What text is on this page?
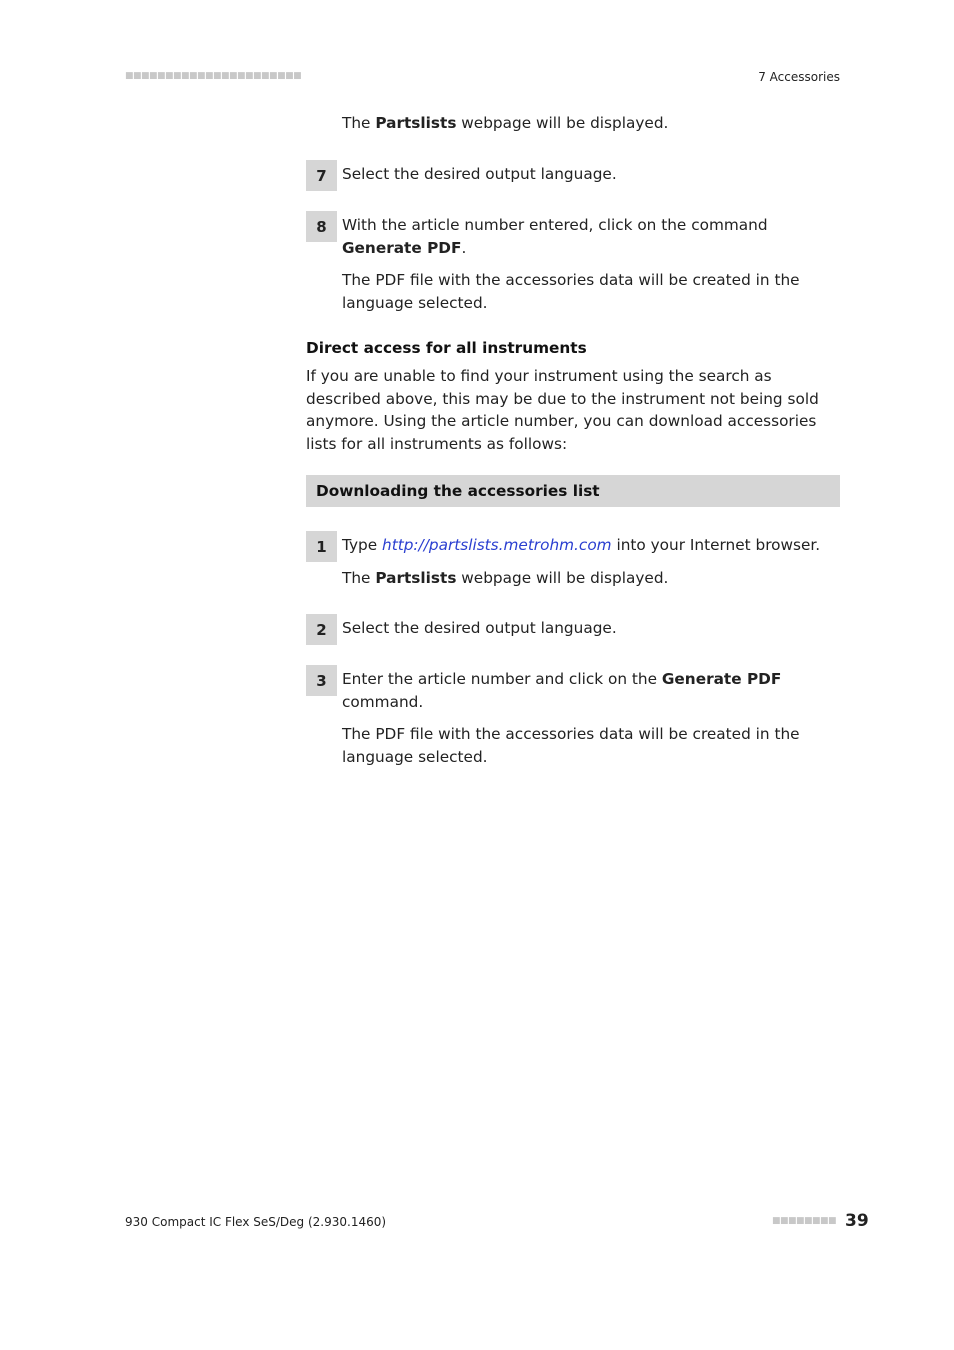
■■■■■■■■■■■■■■■■■■■■■■	7 Accessories

The Partslists webpage will be displayed.

7 Select the desired output language.

8 With the article number entered, click on the command Generate PDF.

The PDF file with the accessories data will be created in the language selected.

Direct access for all instruments

If you are unable to find your instrument using the search as described above, this may be due to the instrument not being sold anymore. Using the article number, you can download accessories lists for all instruments as follows:

Downloading the accessories list
1 Type http://partslists.metrohm.com into your Internet browser.

The Partslists webpage will be displayed.

2 Select the desired output language.

3 Enter the article number and click on the Generate PDF command.

The PDF file with the accessories data will be created in the language selected.

930 Compact IC Flex SeS/Deg (2.930.1460)	■■■■■■■■ 39
